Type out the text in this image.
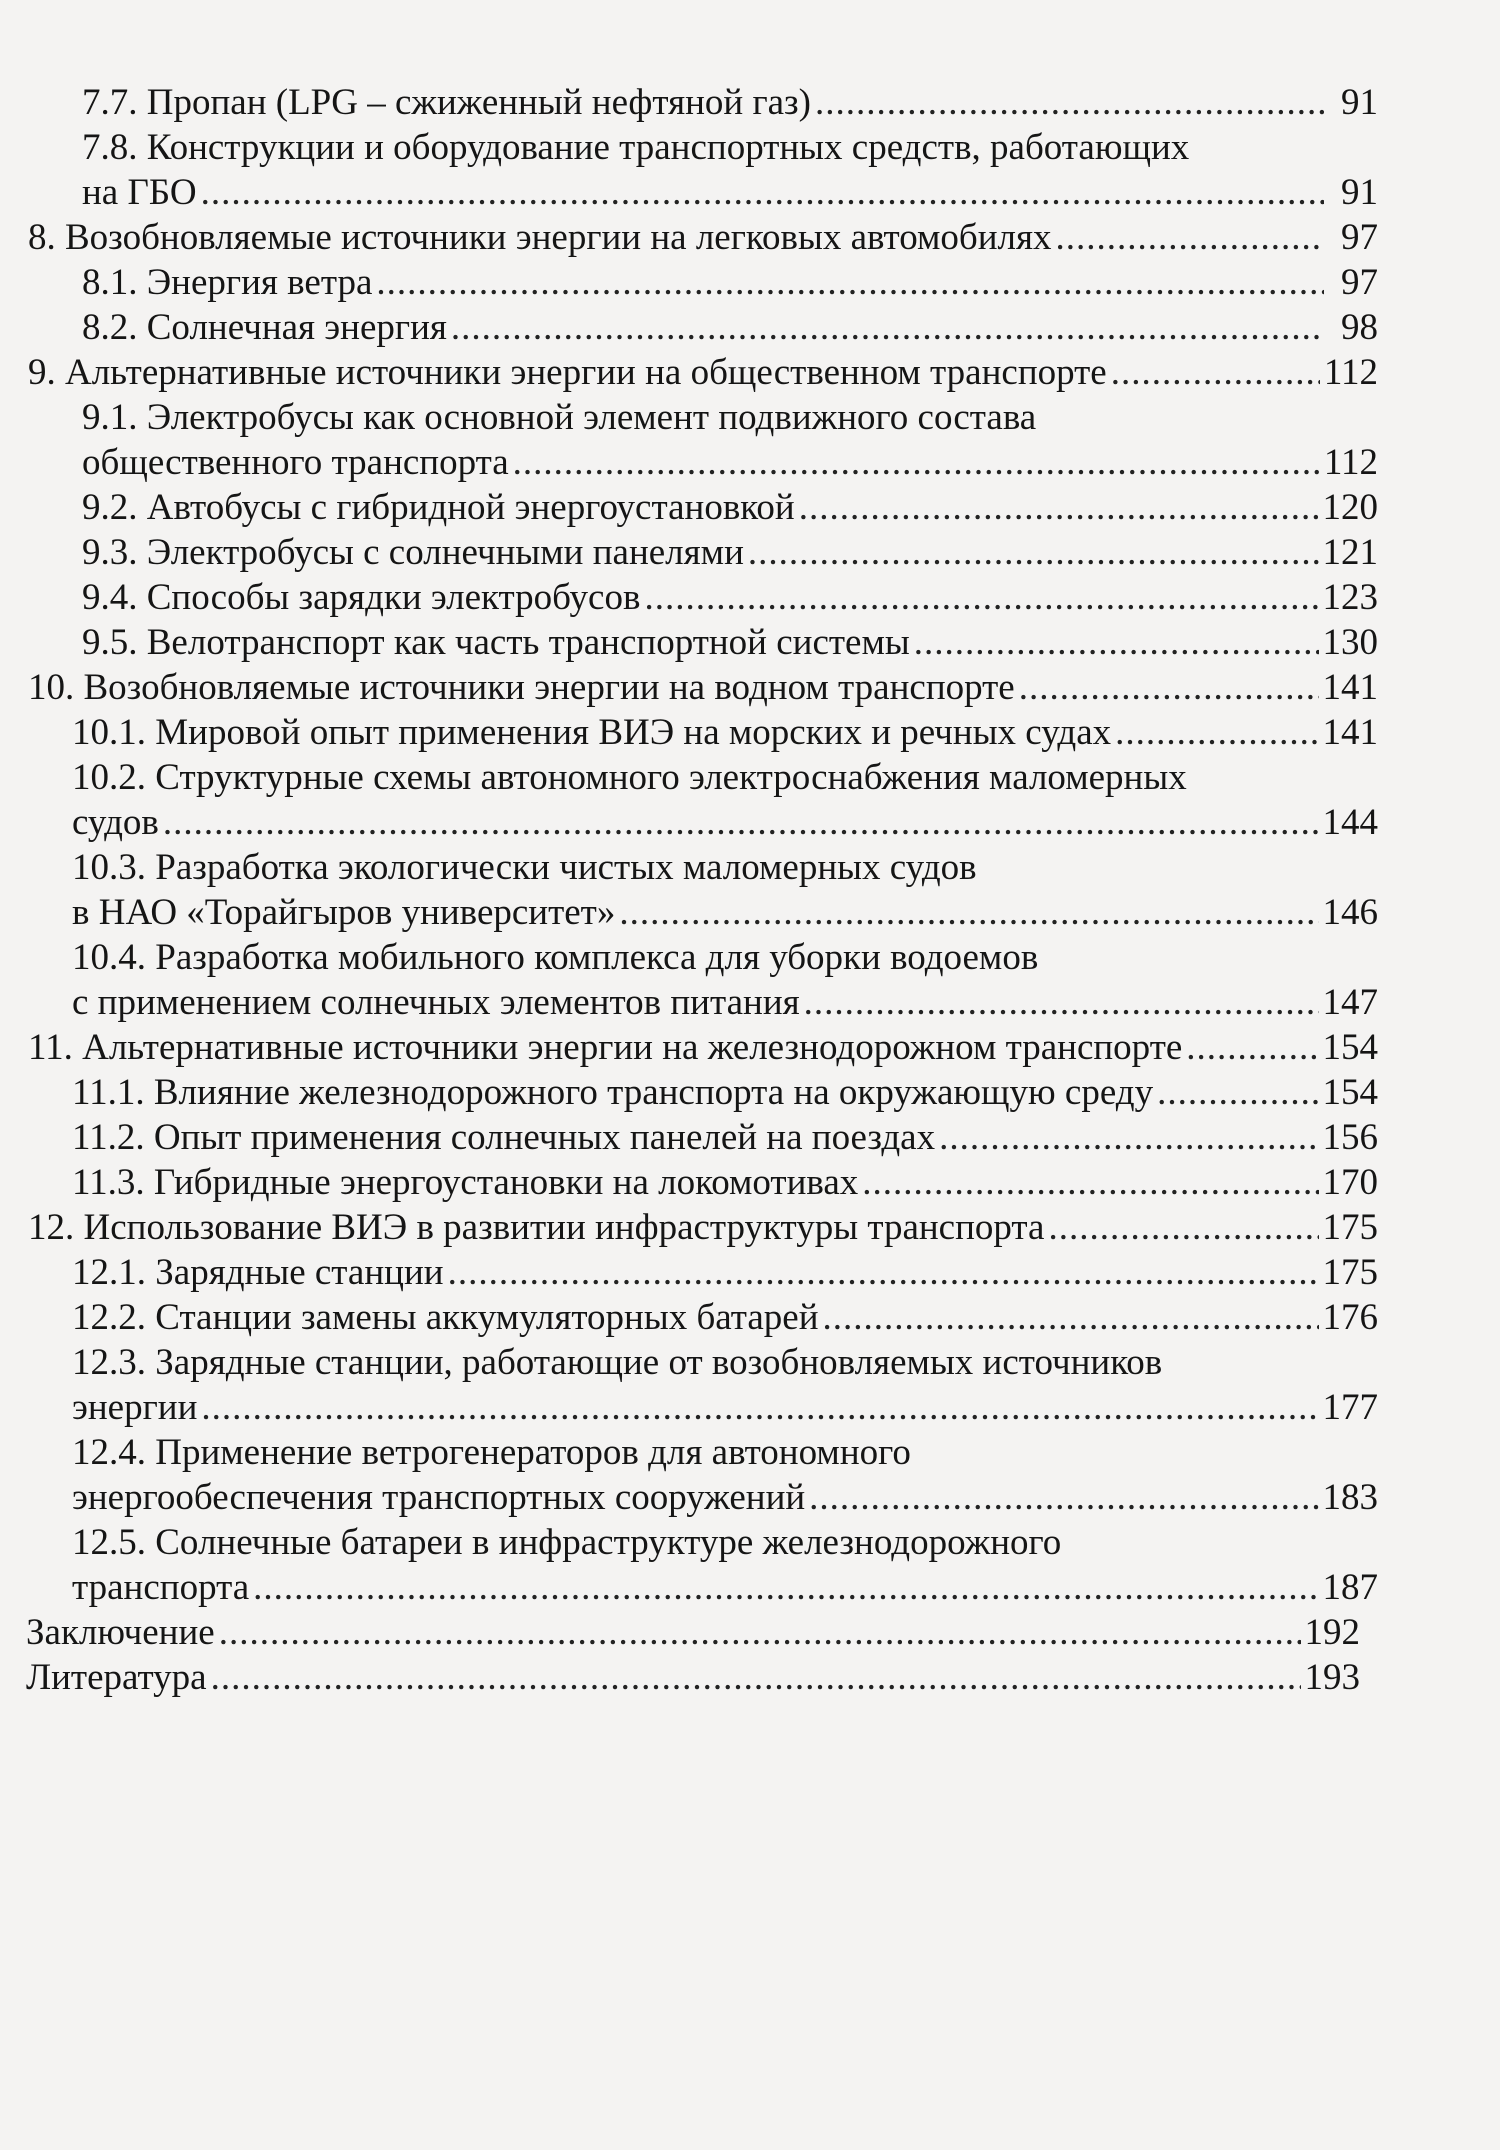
7.7. Пропан (LPG – сжиженный нефтяной газ) .....	91
7.8. Конструкции и оборудование транспортных средств, работающих
на ГБО .....	91
8. Возобновляемые источники энергии на легковых автомобилях .....	97
8.1. Энергия ветра .....	97
8.2. Солнечная энергия .....	98
9. Альтернативные источники энергии на общественном транспорте .....	112
9.1. Электробусы как основной элемент подвижного состава
общественного транспорта .....	112
9.2. Автобусы с гибридной энергоустановкой .....	120
9.3. Электробусы с солнечными панелями .....	121
9.4. Способы зарядки электробусов .....	123
9.5. Велотранспорт как часть транспортной системы .....	130
10. Возобновляемые источники энергии на водном транспорте .....	141
10.1. Мировой опыт применения ВИЭ на морских и речных судах .....	141
10.2. Структурные схемы автономного электроснабжения маломерных
судов .....	144
10.3. Разработка экологически чистых маломерных судов
в НАО «Торайгыров университет» .....	146
10.4. Разработка мобильного комплекса для уборки водоемов
с применением солнечных элементов питания .....	147
11. Альтернативные источники энергии на железнодорожном транспорте .....	154
11.1. Влияние железнодорожного транспорта на окружающую среду .....	154
11.2. Опыт применения солнечных панелей на поездах .....	156
11.3. Гибридные энергоустановки на локомотивах .....	170
12. Использование ВИЭ в развитии инфраструктуры транспорта .....	175
12.1. Зарядные станции .....	175
12.2. Станции замены аккумуляторных батарей .....	176
12.3. Зарядные станции, работающие от возобновляемых источников
энергии .....	177
12.4. Применение ветрогенераторов для автономного
энергообеспечения транспортных сооружений .....	183
12.5. Солнечные батареи в инфраструктуре железнодорожного
транспорта .....	187
Заключение .....	192
Литература .....	193
